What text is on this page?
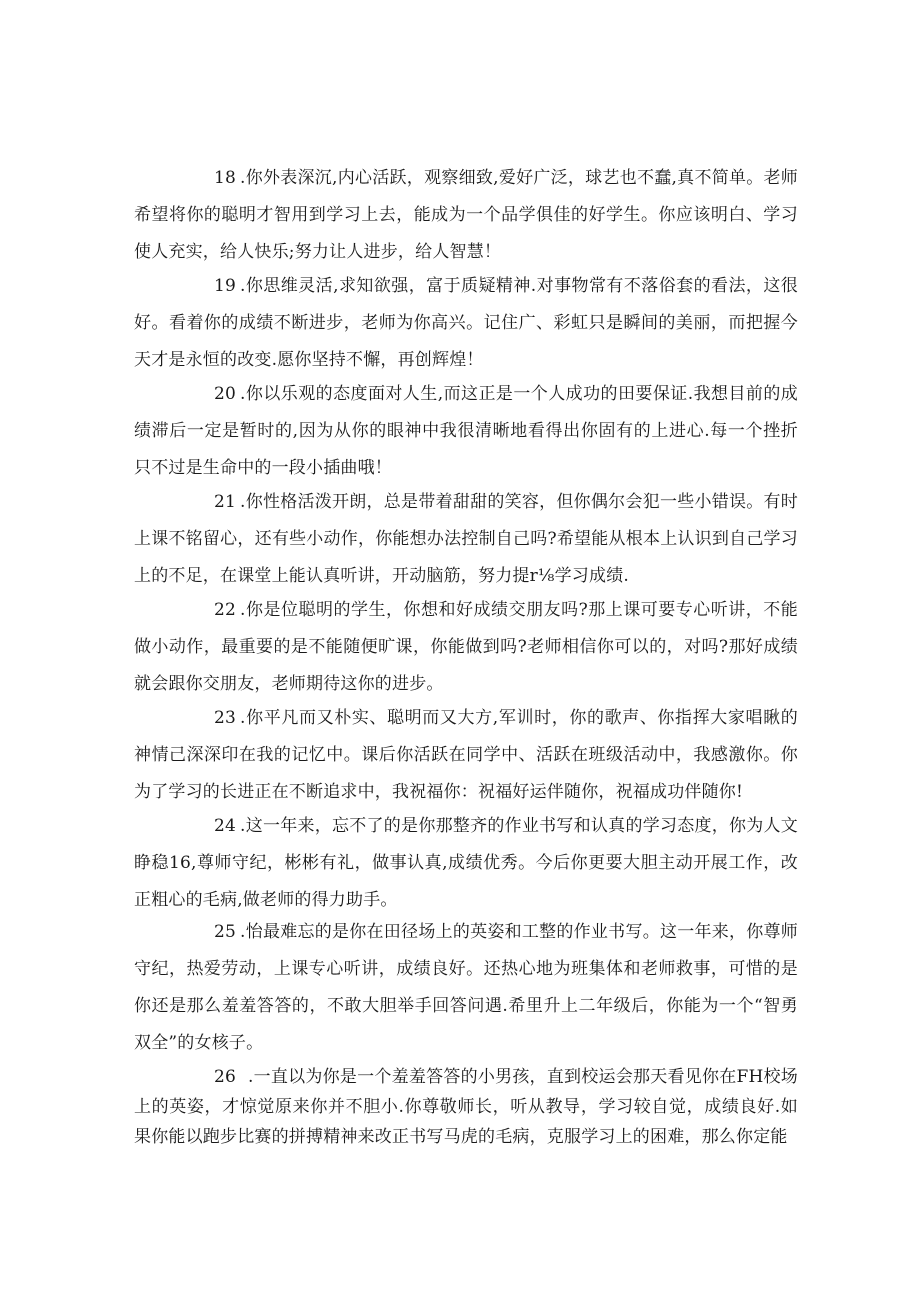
18 .你外表深沉,内心活跃，观察细致,爱好广泛，球艺也不蠢,真不简单。老师希望将你的聪明才智用到学习上去，能成为一个品学俱佳的好学生。你应该明白、学习使人充实，给人快乐;努力让人进步，给人智慧！

19 .你思维灵活,求知欲强，富于质疑精神.对事物常有不落俗套的看法，这很好。看着你的成绩不断进步，老师为你高兴。记住广、彩虹只是瞬间的美丽，而把握今天才是永恒的改变.愿你坚持不懈，再创辉煌！

20 .你以乐观的态度面对人生,而这正是一个人成功的田要保证.我想目前的成绩滞后一定是暂时的,因为从你的眼神中我很清晰地看得出你固有的上进心.每一个挫折只不过是生命中的一段小插曲哦！

21 .你性格活泼开朗，总是带着甜甜的笑容，但你偶尔会犯一些小错误。有时上课不铭留心，还有些小动作，你能想办法控制自己吗?希望能从根本上认识到自己学习上的不足，在课堂上能认真听讲，开动脑筋，努力提r⅛学习成绩.

22 .你是位聪明的学生，你想和好成绩交朋友吗?那上课可要专心听讲，不能做小动作，最重要的是不能随便旷课，你能做到吗?老师相信你可以的，对吗?那好成绩就会跟你交朋友，老师期待这你的进步。

23 .你平凡而又朴实、聪明而又大方,军训时，你的歌声、你指挥大家唱瞅的神情己深深印在我的记忆中。课后你活跃在同学中、活跃在班级活动中，我感激你。你为了学习的长进正在不断追求中，我祝福你：祝福好运伴随你，祝福成功伴随你!

24 .这一年来，忘不了的是你那整齐的作业书写和认真的学习态度，你为人文睁稳16,尊师守纪，彬彬有礼，做事认真,成绩优秀。今后你更要大胆主动开展工作，改正粗心的毛病,做老师的得力助手。

25 .怡最难忘的是你在田径场上的英姿和工整的作业书写。这一年来，你尊师守纪，热爱劳动，上课专心听讲，成绩良好。还热心地为班集体和老师救事，可惜的是你还是那么羞羞答答的，不敢大胆举手回答问遇.希里升上二年级后，你能为一个“智勇双全”的女核子。

26 .一直以为你是一个羞羞答答的小男孩，直到校运会那天看见你在FH校场上的英姿，才惊觉原来你并不胆小.你尊敬师长，听从教导，学习较自觉，成绩良好.如果你能以跑步比赛的拼搏精神来改正书写马虎的毛病，克服学习上的困难，那么你定能
